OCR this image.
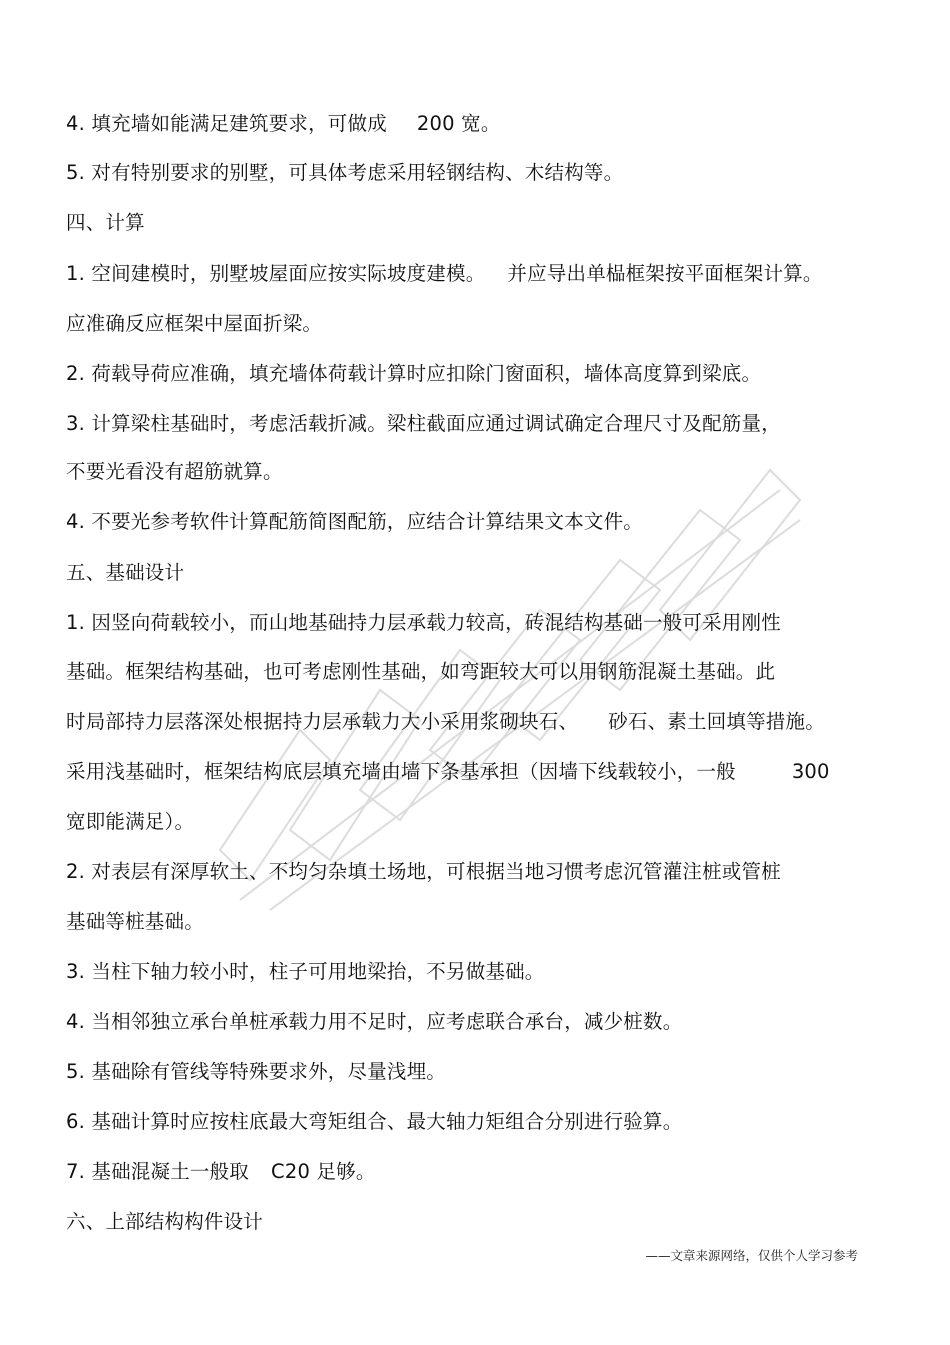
4. 填充墙如能满足建筑要求，可做成 200 宽。
5. 对有特别要求的别墅，可具体考虑采用轻钢结构、木结构等。
四、计算
1. 空间建模时，别墅坡屋面应按实际坡度建模。 并应导出单榀框架按平面框架计算。
应准确反应框架中屋面折梁。
2. 荷载导荷应准确，填充墙体荷载计算时应扣除门窗面积，墙体高度算到梁底。
3. 计算梁柱基础时，考虑活载折减。梁柱截面应通过调试确定合理尺寸及配筋量，
不要光看没有超筋就算。
4. 不要光参考软件计算配筋简图配筋，应结合计算结果文本文件。
五、基础设计
1. 因竖向荷载较小，而山地基础持力层承载力较高，砖混结构基础一般可采用刚性
基础。框架结构基础，也可考虑刚性基础，如弯距较大可以用钢筋混凝土基础。此
时局部持力层落深处根据持力层承载力大小采用浆砌块石、 砂石、素土回填等措施。
采用浅基础时，框架结构底层填充墙由墙下条基承担（因墙下线载较小，一般	300
宽即能满足）。
2. 对表层有深厚软土、不均匀杂填土场地，可根据当地习惯考虑沉管灌注桩或管桩
基础等桩基础。
3. 当柱下轴力较小时，柱子可用地梁抬，不另做基础。
4. 当相邻独立承台单桩承载力用不足时，应考虑联合承台，减少桩数。
5. 基础除有管线等特殊要求外，尽量浅埋。
6. 基础计算时应按柱底最大弯矩组合、最大轴力矩组合分别进行验算。
7. 基础混凝土一般取 C20 足够。
六、上部结构构件设计
——文章来源网络，仅供个人学习参考
